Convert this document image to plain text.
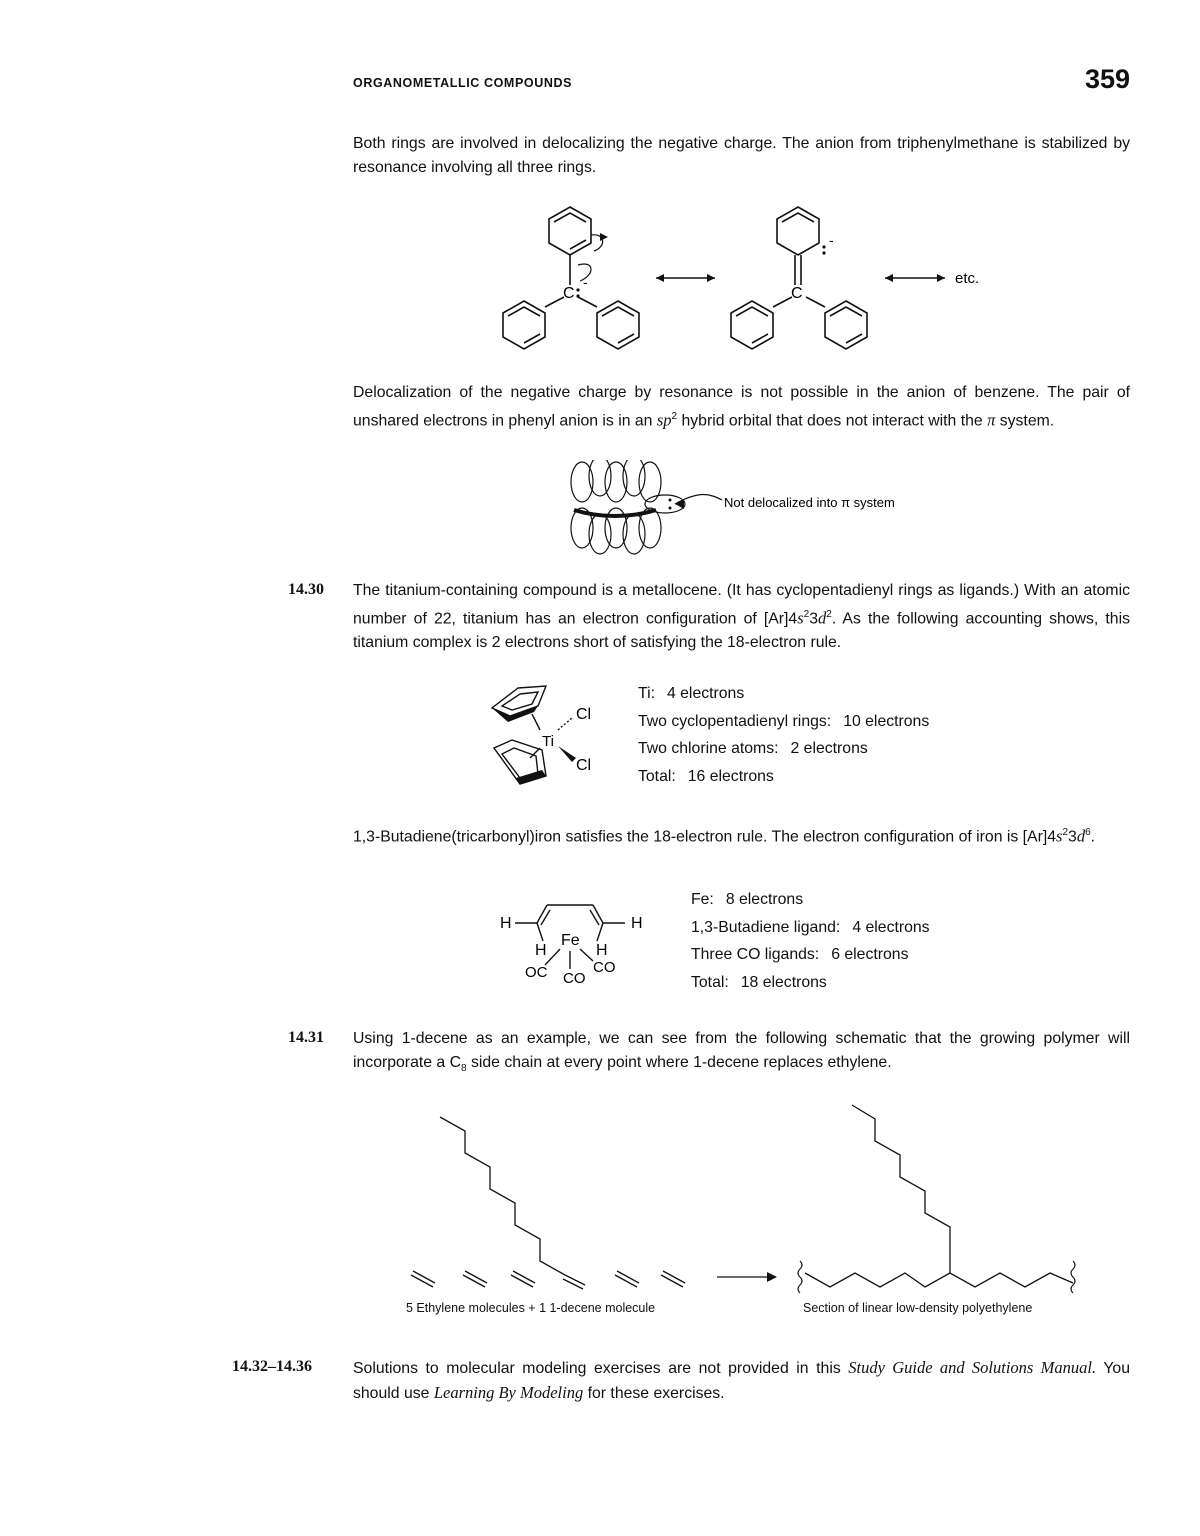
ORGANOMETALLIC COMPOUNDS	359

Both rings are involved in delocalizing the negative charge. The anion from triphenylmethane is stabilized by resonance involving all three rings.

C
-
C
-
etc.

Delocalization of the negative charge by resonance is not possible in the anion of benzene. The pair of unshared electrons in phenyl anion is in an $sp^2$ hybrid orbital that does not interact with the π system.

Not delocalized into π system
14.30 The titanium-containing compound is a metallocene. (It has cyclopentadienyl rings as ligands.) With an atomic number of 22, titanium has an electron configuration of $[Ar]4s^23d^2$. As the following accounting shows, this titanium complex is 2 electrons short of satisfying the 18-electron rule.

Ti
Cl
Cl
Ti: 4 electrons
Two cyclopentadienyl rings: 10 electrons
Two chlorine atoms: 2 electrons
Total: 16 electrons

1,3-Butadiene(tricarbonyl)iron satisfies the 18-electron rule. The electron configuration of iron is $[Ar]4s^23d^6$.

H	H
H	H
Fe
OC CO
CO
Fe: 8 electrons
1,3-Butadiene ligand: 4 electrons
Three CO ligands: 6 electrons
Total: 18 electrons
14.31 Using 1-decene as an example, we can see from the following schematic that the growing polymer will incorporate a $C_8$ side chain at every point where 1-decene replaces ethylene.

5 Ethylene molecules + 1 1-decene molecule	Section of linear low-density polyethylene
14.32–14.36	Solutions to molecular modeling exercises are not provided in this Study Guide and Solutions Manual. You should use Learning By Modeling for these exercises.
